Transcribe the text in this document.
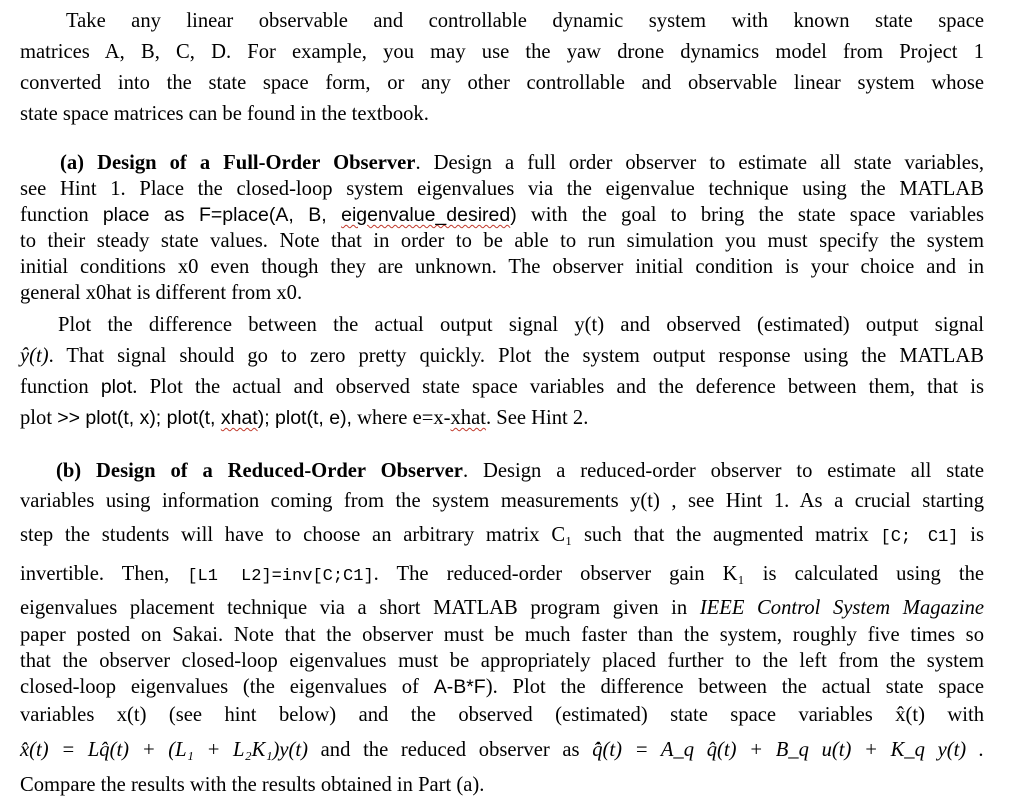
Take any linear observable and controllable dynamic system with known state space
matrices A, B, C, D. For example, you may use the yaw drone dynamics model from Project 1
converted into the state space form, or any other controllable and observable linear system whose
state space matrices can be found in the textbook.
(a) Design of a Full-Order Observer. Design a full order observer to estimate all state variables,
see Hint 1. Place the closed-loop system eigenvalues via the eigenvalue technique using the MATLAB
function place as F=place(A, B, eigenvalue_desired) with the goal to bring the state space variables
to their steady state values. Note that in order to be able to run simulation you must specify the system
initial conditions x0 even though they are unknown. The observer initial condition is your choice and in
general x0hat is different from x0.
Plot the difference between the actual output signal y(t) and observed (estimated) output signal
ŷ(t). That signal should go to zero pretty quickly. Plot the system output response using the MATLAB
function plot. Plot the actual and observed state space variables and the deference between them, that is
plot >> plot(t, x); plot(t, xhat); plot(t, e), where e=x-xhat. See Hint 2.
(b) Design of a Reduced-Order Observer. Design a reduced-order observer to estimate all state
variables using information coming from the system measurements y(t) , see Hint 1. As a crucial starting
step the students will have to choose an arbitrary matrix C₁ such that the augmented matrix [C; C1] is
invertible. Then, [L1 L2]=inv[C;C1]. The reduced-order observer gain K₁ is calculated using the
eigenvalues placement technique via a short MATLAB program given in IEEE Control System Magazine
paper posted on Sakai. Note that the observer must be much faster than the system, roughly five times so
that the observer closed-loop eigenvalues must be appropriately placed further to the left from the system
closed-loop eigenvalues (the eigenvalues of A-B*F). Plot the difference between the actual state space
variables x(t) (see hint below) and the observed (estimated) state space variables x̂(t) with
x̂(t) = Lq̂(t) + (L₁ + L₂K₁)y(t) and the reduced observer as q̂̇(t) = A_q q̂(t) + B_q u(t) + K_q y(t) .
Compare the results with the results obtained in Part (a).
